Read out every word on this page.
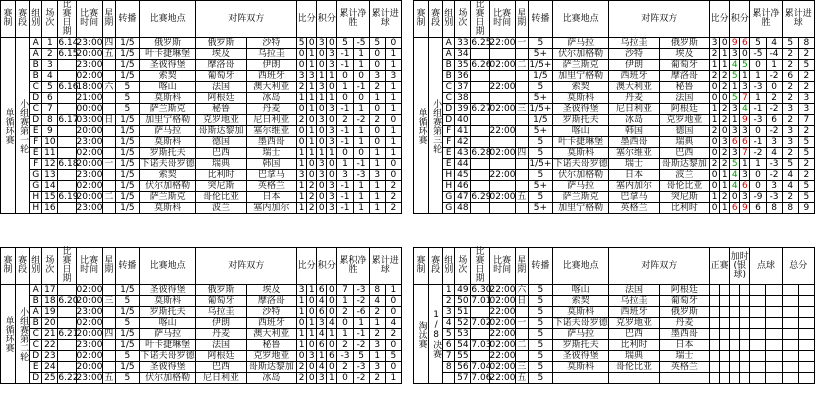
赛制	赛段	组别	场次	比赛日期	比赛时间	星期	转播	比赛地点	对阵双方		比分		积分		累计净胜		累计进球	
单循环赛	小组赛第一轮	A	1	6.14	23:00	四	1/5	俄罗斯	俄罗斯	沙特	5	0	3	0	5	-5	5	0
		A	2	6.15	20:00	五	1/5	叶卡捷琳堡	埃及	乌拉圭	0	1	0	3	-1	1	0	1
		B	3		23:00		1/5	圣彼得堡	摩洛哥	伊朗	0	1	0	3	-1	1	0	1
		B	4		02:00		1/5	索契	葡萄牙	西班牙	3	3	1	1	0	0	3	3
		C	5	6.16	18:00	六	5	喀山	法国	澳大利亚	2	1	3	0	1	-1	2	1
		D	6		21:00		5	莫斯科	阿根廷	冰岛	1	1	1	1	0	0	1	1
		C	7		00:00		5	萨兰斯克	秘鲁	丹麦	0	1	0	3	-1	1	0	1
		D	8	6.17	03:00	日	1/5	加里宁格勒	克罗地亚	尼日利亚	2	0	3	0	2	-2	2	0
		E	9		20:00		1/5	萨马拉	哥斯达黎加	塞尔维亚	0	1	0	3	-1	1	0	1
		F	10		23:00		1/5	莫斯科	德国	墨西哥	0	1	0	3	-1	1	0	1
		E	11		02:00		1/5	罗斯托夫	巴西	瑞士	1	1	1	1	0	0	1	1
		F	12	6.18	20:00	一	1/5	下诺夫哥罗德	瑞典	韩国	1	0	3	0	1	-1	1	0
		G	13		23:00		1/5	索契	比利时	巴拿马	3	0	3	0	3	-3	3	0
		G	14		02:00		1/5	伏尔加格勒	突尼斯	英格兰	1	2	0	3	-1	1	1	2
		H	15	6.19	20:00	二	1/5	萨兰斯克	哥伦比亚	日本	1	2	0	3	-1	1	1	2
		H	16		23:00		1/5	莫斯科	波兰	塞内加尔	1	2	0	3	-1	1	1	2
赛制	赛段	组别	场次	比赛日期	比赛时间	星期	转播	比赛地点	对阵双方		比分		积分		累积净胜		累计进球	
单循环赛	小组赛第二轮	A	17		02:00		1/5	圣彼得堡	俄罗斯	埃及	3	1	6	0	7	-3	8	1
		B	18	6.20	20:00	三	5	莫斯科	葡萄牙	摩洛哥	1	0	4	0	1	-2	4	0
		A	19		23:00		1/5	罗斯托夫	乌拉圭	沙特	1	0	6	0	2	-6	2	0
		B	20		02:00		5	喀山	伊朗	西班牙	0	1	3	4	0	1	1	4
		C	21	6.21	20:00	四	1/5	萨马拉	丹麦	澳大利亚	1	1	4	1	1	-1	2	2
		C	22		23:00		1/5	叶卡捷琳堡	法国	秘鲁	1	0	6	0	2	-2	3	0
		D	23		02:00		5	下诺夫哥罗德	阿根廷	克罗地亚	0	3	1	6	-3	5	1	5
		E	24		20:00		1/5	圣彼得堡	巴西	哥斯达黎加	2	0	4	0	2	-3	3	0
		D	25	6.22	23:00	五	5	伏尔加格勒	尼日利亚	冰岛	2	0	3	1	0	-2	2	1
赛制	赛段	组别	场次	比赛日期	比赛时间	星期	转播	比赛地点	对阵双方		比分		积分		累计净胜		累计进球	
单循环赛	小组赛第三轮	A	33	6.25	22:00	一	5	萨马拉	乌拉圭	俄罗斯	3	0	9	6	5	4	5	8
		A	34				5+	伏尔加格勒	沙特	埃及	2	1	3	0	-5	-4	2	2
		B	35	6.26	02:00	二	1/5+	萨兰斯克	伊朗	葡萄牙	1	1	4	5	0	1	2	5
		B	36				1/5	加里宁格勒	西班牙	摩洛哥	2	2	5	1	1	-2	6	2
		C	37		22:00		5	索契	澳大利亚	秘鲁	0	2	1	3	-3	0	2	2
		C	38				5+	莫斯科	丹麦	法国	0	0	5	7	1	2	2	3
		D	39	6.27	02:00	三	1/5+	圣彼得堡	尼日利亚	阿根廷	1	2	3	4	-1	-2	3	3
		D	40				1/5	罗斯托夫	冰岛	克罗地亚	1	2	1	9	-3	6	2	7
		F	41		22:00		5+	喀山	韩国	德国	2	0	3	3	0	-2	3	2
		F	42				5	叶卡捷琳堡	墨西哥	瑞典	0	3	6	6	-1	3	3	5
		E	43	6.28	02:00	四	5	莫斯科	塞尔维亚	巴西	0	2	3	7	-2	4	2	5
		E	44				1/5+	下诺夫哥罗德	瑞士	哥斯达黎加	2	2	5	1	1	-3	5	2
		H	45		22:00		5	伏尔加格勒	日本	波兰	0	1	4	3	0	-2	4	2
		H	46				5+	萨马拉	塞内加尔	哥伦比亚	0	1	4	6	0	3	4	5
		G	47	6.29	02:00	五	5	萨兰斯克	巴拿马	突尼斯	1	2	0	3	-9	-3	2	5
		G	48				5+	加里宁格勒	英格兰	比利时	0	1	6	9	6	8	8	9
赛制	赛段	组别	场次	比赛日期	比赛时间	星期	转播	比赛地点	对阵双方		正赛		加时(银球)		点球		总分	
淘汰赛	1/8决赛	1	49	6.30	22:00	六	5	喀山	法国	阿根廷								
		2	50	7.01	02:00	日	5	索契	乌拉圭	葡萄牙								
		3	51		22:00		5	莫斯科	西班牙	俄罗斯								
		4	52	7.02	02:00	一	5	下诺夫哥罗德	克罗地亚	丹麦								
		5	53		22:00		5	萨马拉	巴西	墨西哥								
		6	54	7.03	02:00	二	5	罗斯托夫	比利时	日本								
		7	55		22:00		5	圣彼得堡	瑞典	瑞士								
		8	56	7.04	02:00	三	5	莫斯科	哥伦比亚	英格兰								
			57	7.06	22:00	五	5											
